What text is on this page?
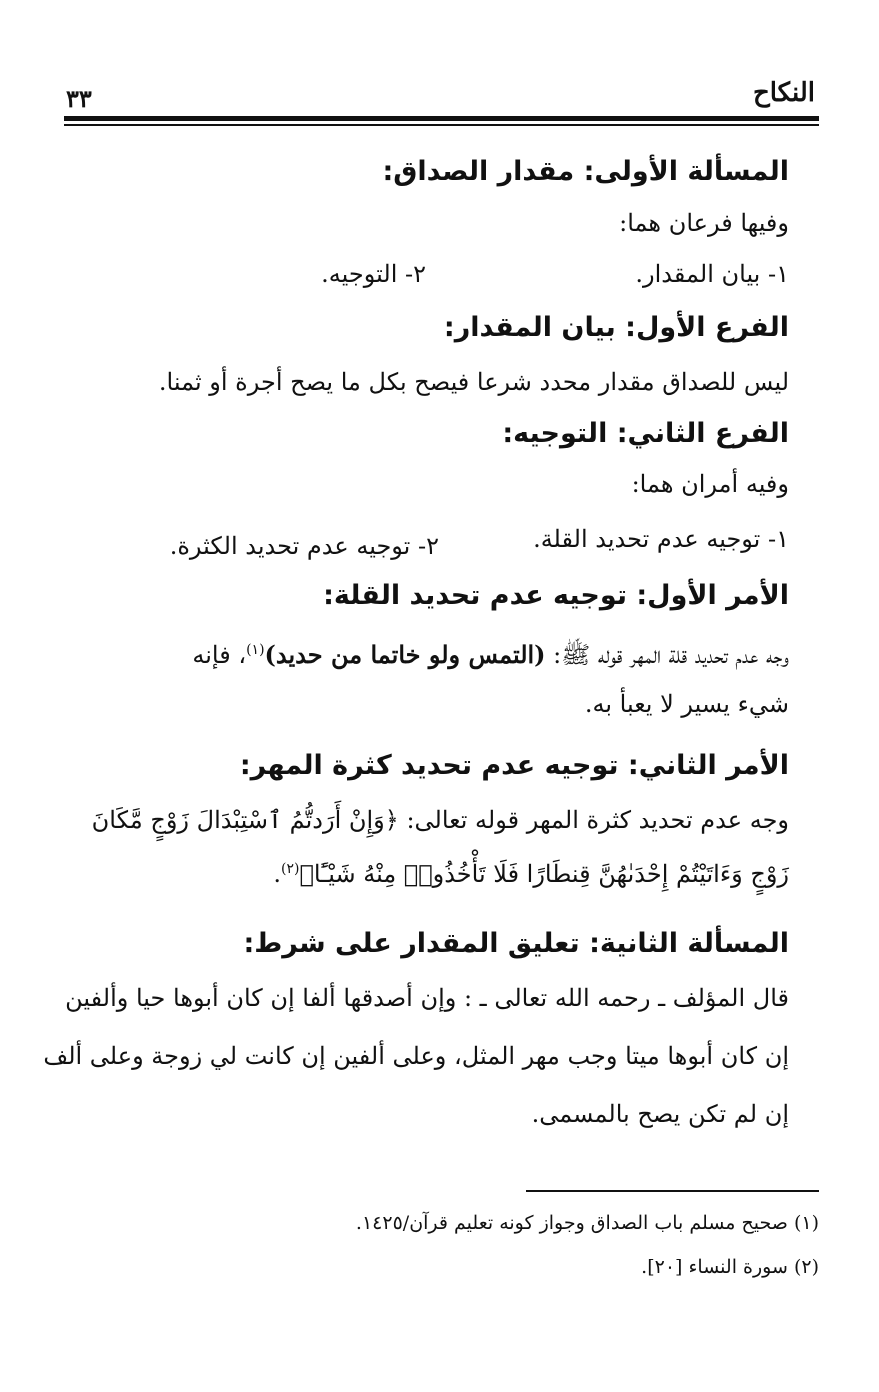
النكاح
٣٣
المسألة الأولى: مقدار الصداق:
وفيها فرعان هما:
١- بيان المقدار.
٢- التوجيه.
الفرع الأول: بيان المقدار:
ليس للصداق مقدار محدد شرعا فيصح بكل ما يصح أجرة أو ثمنا.
الفرع الثاني: التوجيه:
وفيه أمران هما:
١- توجيه عدم تحديد القلة.
٢- توجيه عدم تحديد الكثرة.
الأمر الأول: توجيه عدم تحديد القلة:
وجه عدم تحديد قلة المهر قوله ﷺ: (التمس ولو خاتما من حديد)$^{(١)}$، فإنه
شيء يسير لا يعبأ به.
الأمر الثاني: توجيه عدم تحديد كثرة المهر:
وجه عدم تحديد كثرة المهر قوله تعالى: ﴿وَإِنْ أَرَدتُّمُ ٱسْتِبْدَالَ زَوْجٍ مَّكَانَ
زَوْجٍ وَءَاتَيْتُمْ إِحْدَىٰهُنَّ قِنطَارًا فَلَا تَأْخُذُوا۟ مِنْهُ شَيْـًٔا﴾$^{(٢)}$.
المسألة الثانية: تعليق المقدار على شرط:
قال المؤلف ـ رحمه الله تعالى ـ : وإن أصدقها ألفا إن كان أبوها حيا وألفين
إن كان أبوها ميتا وجب مهر المثل، وعلى ألفين إن كانت لي زوجة وعلى ألف
إن لم تكن يصح بالمسمى.
(١) صحيح مسلم باب الصداق وجواز كونه تعليم قرآن/١٤٢٥.
(٢) سورة النساء [٢٠].
